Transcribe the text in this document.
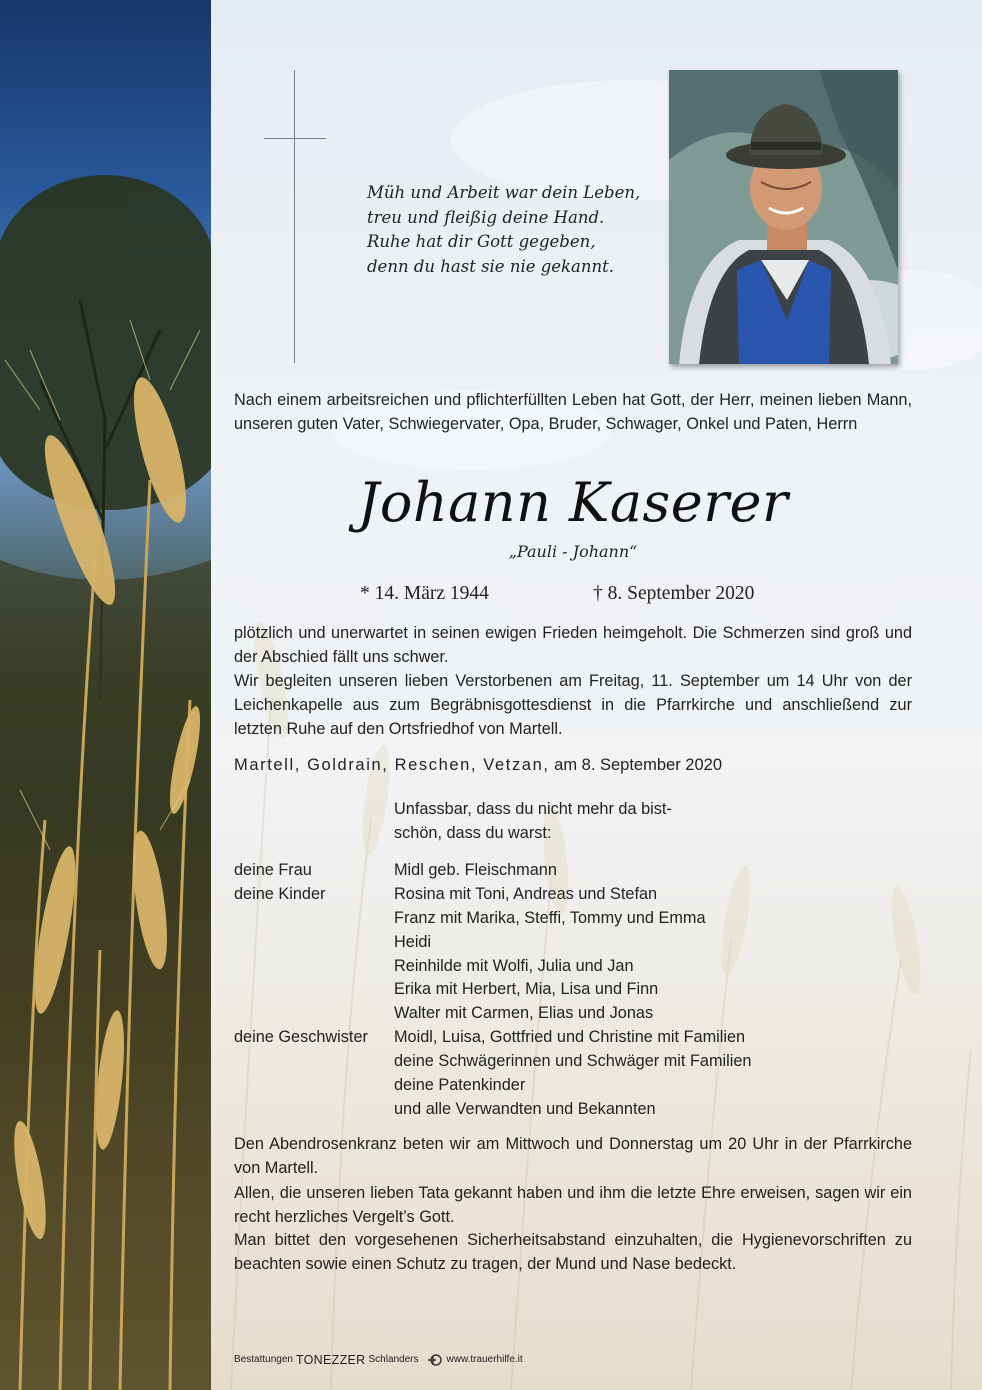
Müh und Arbeit war dein Leben,
treu und fleißig deine Hand.
Ruhe hat dir Gott gegeben,
denn du hast sie nie gekannt.
Nach einem arbeitsreichen und pflichterfüllten Leben hat Gott, der Herr, meinen lieben Mann, unseren guten Vater, Schwiegervater, Opa, Bruder, Schwager, Onkel und Paten, Herrn
Johann Kaserer
„Pauli - Johann“
* 14. März 1944	† 8. September 2020
plötzlich und unerwartet in seinen ewigen Frieden heimgeholt. Die Schmerzen sind groß und der Abschied fällt uns schwer.
Wir begleiten unseren lieben Verstorbenen am Freitag, 11. September um 14 Uhr von der Leichenkapelle aus zum Begräbnisgottesdienst in die Pfarrkirche und anschließend zur letzten Ruhe auf den Ortsfriedhof von Martell.
Martell, Goldrain, Reschen, Vetzan, am 8. September 2020
Unfassbar, dass du nicht mehr da bist-
schön, dass du warst:
deine Frau	Midl geb. Fleischmann
deine Kinder	Rosina mit Toni, Andreas und Stefan
Franz mit Marika, Steffi, Tommy und Emma
Heidi
Reinhilde mit Wolfi, Julia und Jan
Erika mit Herbert, Mia, Lisa und Finn
Walter mit Carmen, Elias und Jonas
deine Geschwister	Moidl, Luisa, Gottfried und Christine mit Familien
deine Schwägerinnen und Schwäger mit Familien
deine Patenkinder
und alle Verwandten und Bekannten
Den Abendrosenkranz beten wir am Mittwoch und Donnerstag um 20 Uhr in der Pfarrkirche von Martell.
Allen, die unseren lieben Tata gekannt haben und ihm die letzte Ehre erweisen, sagen wir ein recht herzliches Vergelt’s Gott.
Man bittet den vorgesehenen Sicherheitsabstand einzuhalten, die Hygienevorschriften zu beachten sowie einen Schutz zu tragen, der Mund und Nase bedeckt.
Bestattungen TONEZZER Schlanders	www.trauerhilfe.it
